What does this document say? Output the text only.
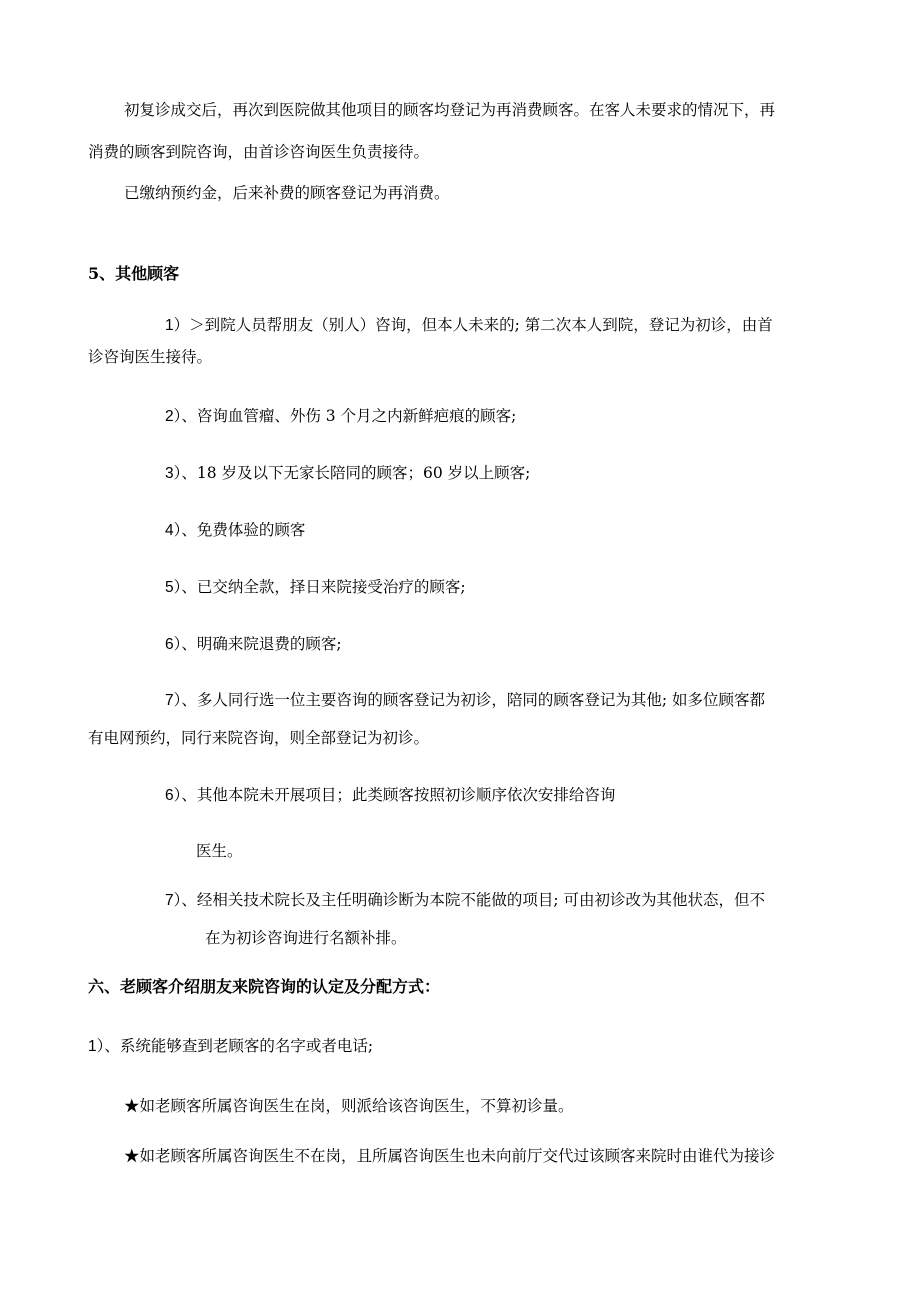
初复诊成交后，再次到医院做其他项目的顾客均登记为再消费顾客。在客人未要求的情况下，再
消费的顾客到院咨询，由首诊咨询医生负责接待。
已缴纳预约金，后来补费的顾客登记为再消费。
5、其他顾客
1）＞到院人员帮朋友（别人）咨询，但本人未来的; 第二次本人到院，登记为初诊，由首
诊咨询医生接待。
2）、咨询血管瘤、外伤 3 个月之内新鲜疤痕的顾客;
3）、18 岁及以下无家长陪同的顾客；60 岁以上顾客;
4）、免费体验的顾客
5）、已交纳全款，择日来院接受治疗的顾客;
6）、明确来院退费的顾客;
7）、多人同行选一位主要咨询的顾客登记为初诊，陪同的顾客登记为其他; 如多位顾客都
有电网预约，同行来院咨询，则全部登记为初诊。
6）、其他本院未开展项目；此类顾客按照初诊顺序依次安排给咨询
医生。
7）、经相关技术院长及主任明确诊断为本院不能做的项目; 可由初诊改为其他状态，但不
在为初诊咨询进行名额补排。
六、老顾客介绍朋友来院咨询的认定及分配方式：
1）、系统能够查到老顾客的名字或者电话;
★如老顾客所属咨询医生在岗，则派给该咨询医生，不算初诊量。
★如老顾客所属咨询医生不在岗，且所属咨询医生也未向前厅交代过该顾客来院时由谁代为接诊
